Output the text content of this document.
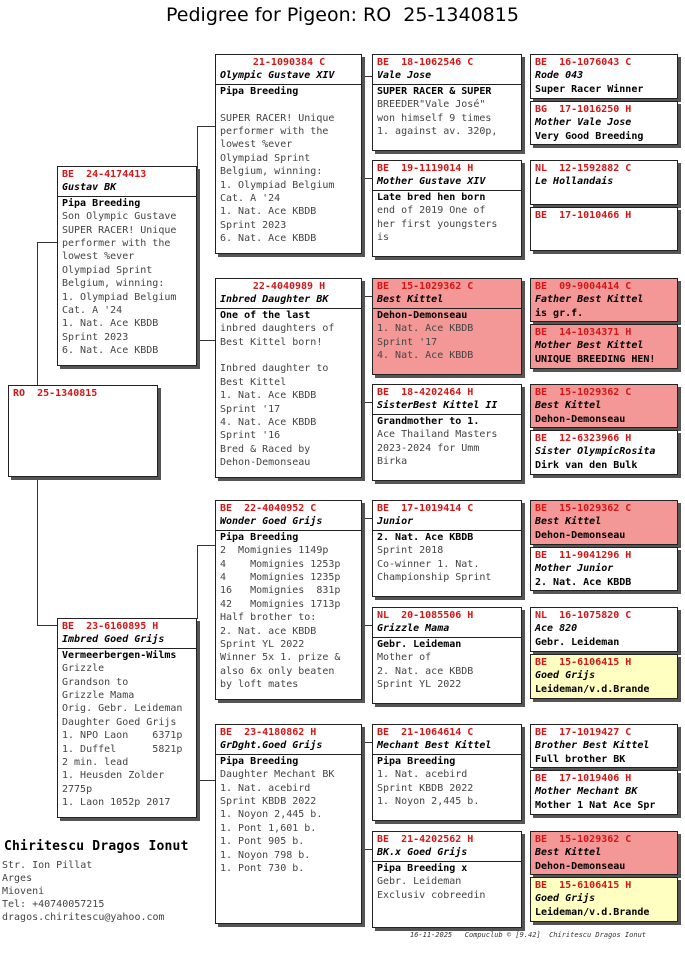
Pedigree for Pigeon: RO  25-1340815
RO  25-1340815
BE  24-4174413
Gustav BK
Pipa Breeding
Son Olympic Gustave
SUPER RACER! Unique
performer with the
lowest %ever
Olympiad Sprint
Belgium, winning:
1. Olympiad Belgium
Cat. A '24
1. Nat. Ace KBDB
Sprint 2023
6. Nat. Ace KBDB
BE  23-6160895 H
Imbred Goed Grijs
Vermeerbergen-Wilms
Grizzle
Grandson to
Grizzle Mama
Orig. Gebr. Leideman
Daughter Goed Grijs
1. NPO Laon    6371p
1. Duffel      5821p
2 min. lead
1. Heusden Zolder
2775p
1. Laon 1052p 2017
21-1090384 C
Olympic Gustave XIV
Pipa Breeding

SUPER RACER! Unique
performer with the
lowest %ever
Olympiad Sprint
Belgium, winning:
1. Olympiad Belgium
Cat. A '24
1. Nat. Ace KBDB
Sprint 2023
6. Nat. Ace KBDB
22-4040989 H
Inbred Daughter BK
One of the last
inbred daughters of
Best Kittel born!

Inbred daughter to
Best Kittel
1. Nat. Ace KBDB
Sprint '17
4. Nat. Ace KBDB
Sprint '16
Bred & Raced by
Dehon-Demonseau
BE  22-4040952 C
Wonder Goed Grijs
Pipa Breeding
2  Momignies 1149p
4    Momignies 1253p
4    Momignies 1235p
16   Momignies  831p
42   Momignies 1713p
Half brother to:
2. Nat. ace KBDB
Sprint YL 2022
Winner 5x 1. prize &
also 6x only beaten
by loft mates
BE  23-4180862 H
GrDght.Goed Grijs
Pipa Breeding
Daughter Mechant BK
1. Nat. acebird
Sprint KBDB 2022
1. Noyon 2,445 b.
1. Pont 1,601 b.
1. Pont 905 b.
1. Noyon 798 b.
1. Pont 730 b.
BE  18-1062546 C
Vale Jose
SUPER RACER & SUPER
BREEDER"Vale José"
won himself 9 times
1. against av. 320p,
BE  19-1119014 H
Mother Gustave XIV
Late bred hen born
end of 2019 One of
her first youngsters
is
BE  15-1029362 C
Best Kittel
Dehon-Demonseau
1. Nat. Ace KBDB
Sprint '17
4. Nat. Ace KBDB
BE  18-4202464 H
SisterBest Kittel II
Grandmother to 1.
Ace Thailand Masters
2023-2024 for Umm
Birka
BE  17-1019414 C
Junior
2. Nat. Ace KBDB
Sprint 2018
Co-winner 1. Nat.
Championship Sprint
NL  20-1085506 H
Grizzle Mama
Gebr. Leideman
Mother of
2. Nat. ace KBDB
Sprint YL 2022
BE  21-1064614 C
Mechant Best Kittel
Pipa Breeding
1. Nat. acebird
Sprint KBDB 2022
1. Noyon 2,445 b.
BE  21-4202562 H
BK.x Goed Grijs
Pipa Breeding x
Gebr. Leideman
Exclusiv cobreedin
BE  16-1076043 C
Rode 043
Super Racer Winner
BG  17-1016250 H
Mother Vale Jose
Very Good Breeding
NL  12-1592882 C
Le Hollandais
BE  17-1010466 H
BE  09-9004414 C
Father Best Kittel
is gr.f.
BE  14-1034371 H
Mother Best Kittel
UNIQUE BREEDING HEN!
BE  15-1029362 C
Best Kittel
Dehon-Demonseau
BE  12-6323966 H
Sister OlympicRosita
Dirk van den Bulk
BE  15-1029362 C
Best Kittel
Dehon-Demonseau
BE  11-9041296 H
Mother Junior
2. Nat. Ace KBDB
NL  16-1075820 C
Ace 820
Gebr. Leideman
BE  15-6106415 H
Goed Grijs
Leideman/v.d.Brande
BE  17-1019427 C
Brother Best Kittel
Full brother BK
BE  17-1019406 H
Mother Mechant BK
Mother 1 Nat Ace Spr
BE  15-1029362 C
Best Kittel
Dehon-Demonseau
BE  15-6106415 H
Goed Grijs
Leideman/v.d.Brande
Chiritescu Dragos Ionut
Str. Ion Pillat
Arges
Mioveni
Tel: +40740057215
dragos.chiritescu@yahoo.com
16-11-2025   Compuclub © [9.42]  Chiritescu Dragos Ionut
